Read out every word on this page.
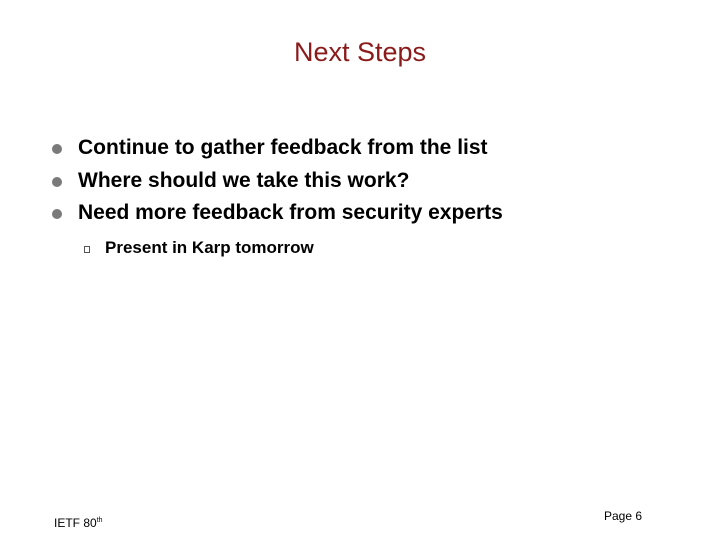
Next Steps
Continue to gather feedback from the list
Where should we take this work?
Need more feedback from security experts
Present in Karp tomorrow
IETF 80th	Page 6
